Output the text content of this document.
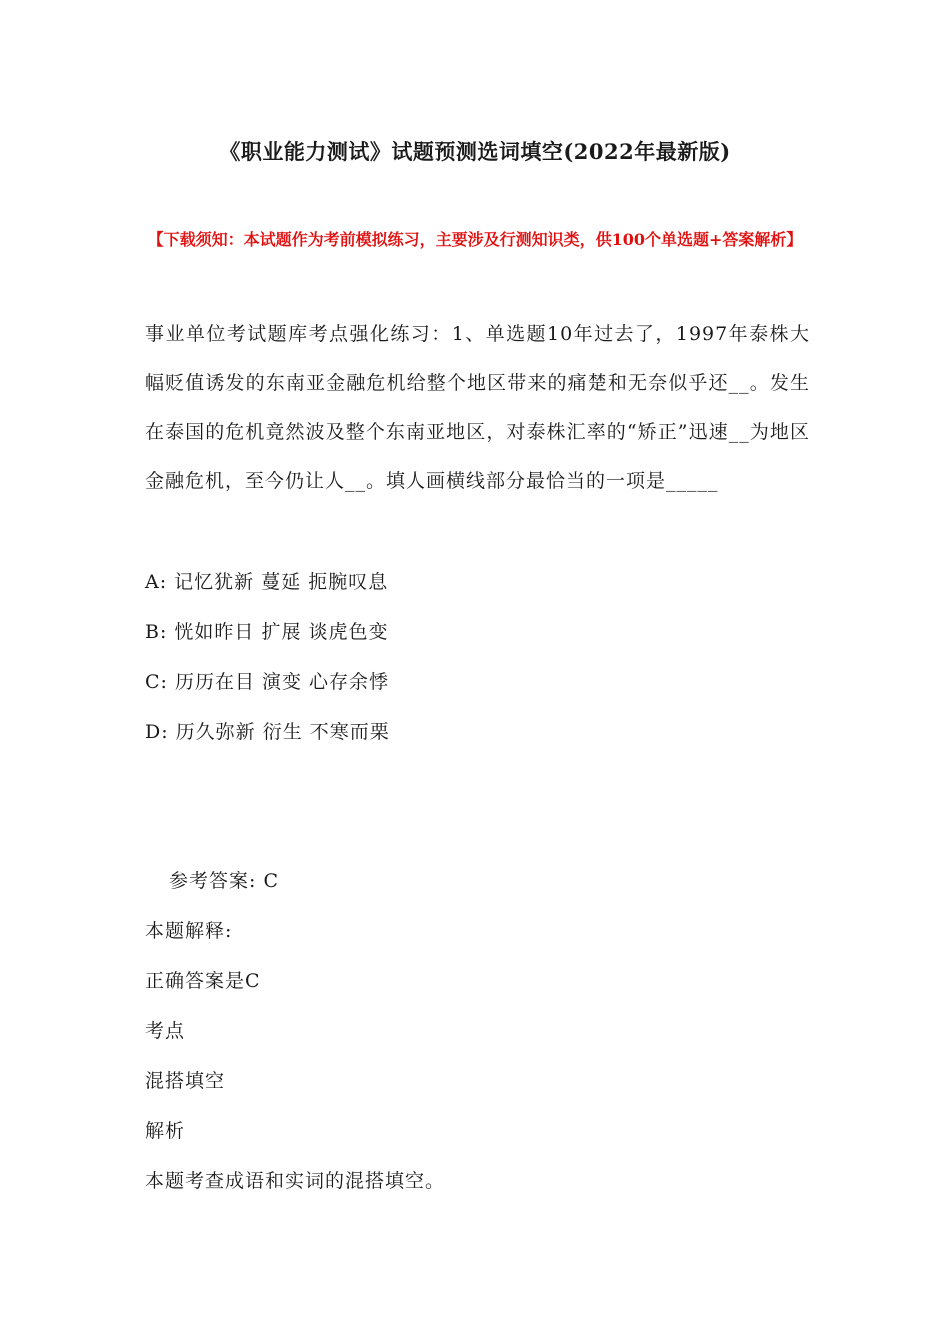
《职业能力测试》试题预测选词填空(2022年最新版)
【下载须知：本试题作为考前模拟练习，主要涉及行测知识类，供100个单选题+答案解析】
事业单位考试题库考点强化练习：1、单选题10年过去了，1997年泰株大幅贬值诱发的东南亚金融危机给整个地区带来的痛楚和无奈似乎还__。发生在泰国的危机竟然波及整个东南亚地区，对泰株汇率的“矫正”迅速__为地区金融危机，至今仍让人__。填人画横线部分最恰当的一项是_____
A: 记忆犹新 蔓延 扼腕叹息
B: 恍如昨日 扩展 谈虎色变
C: 历历在目 演变 心存余悸
D: 历久弥新 衍生 不寒而栗
参考答案: C
本题解释:
正确答案是C
考点
混搭填空
解析
本题考查成语和实词的混搭填空。
